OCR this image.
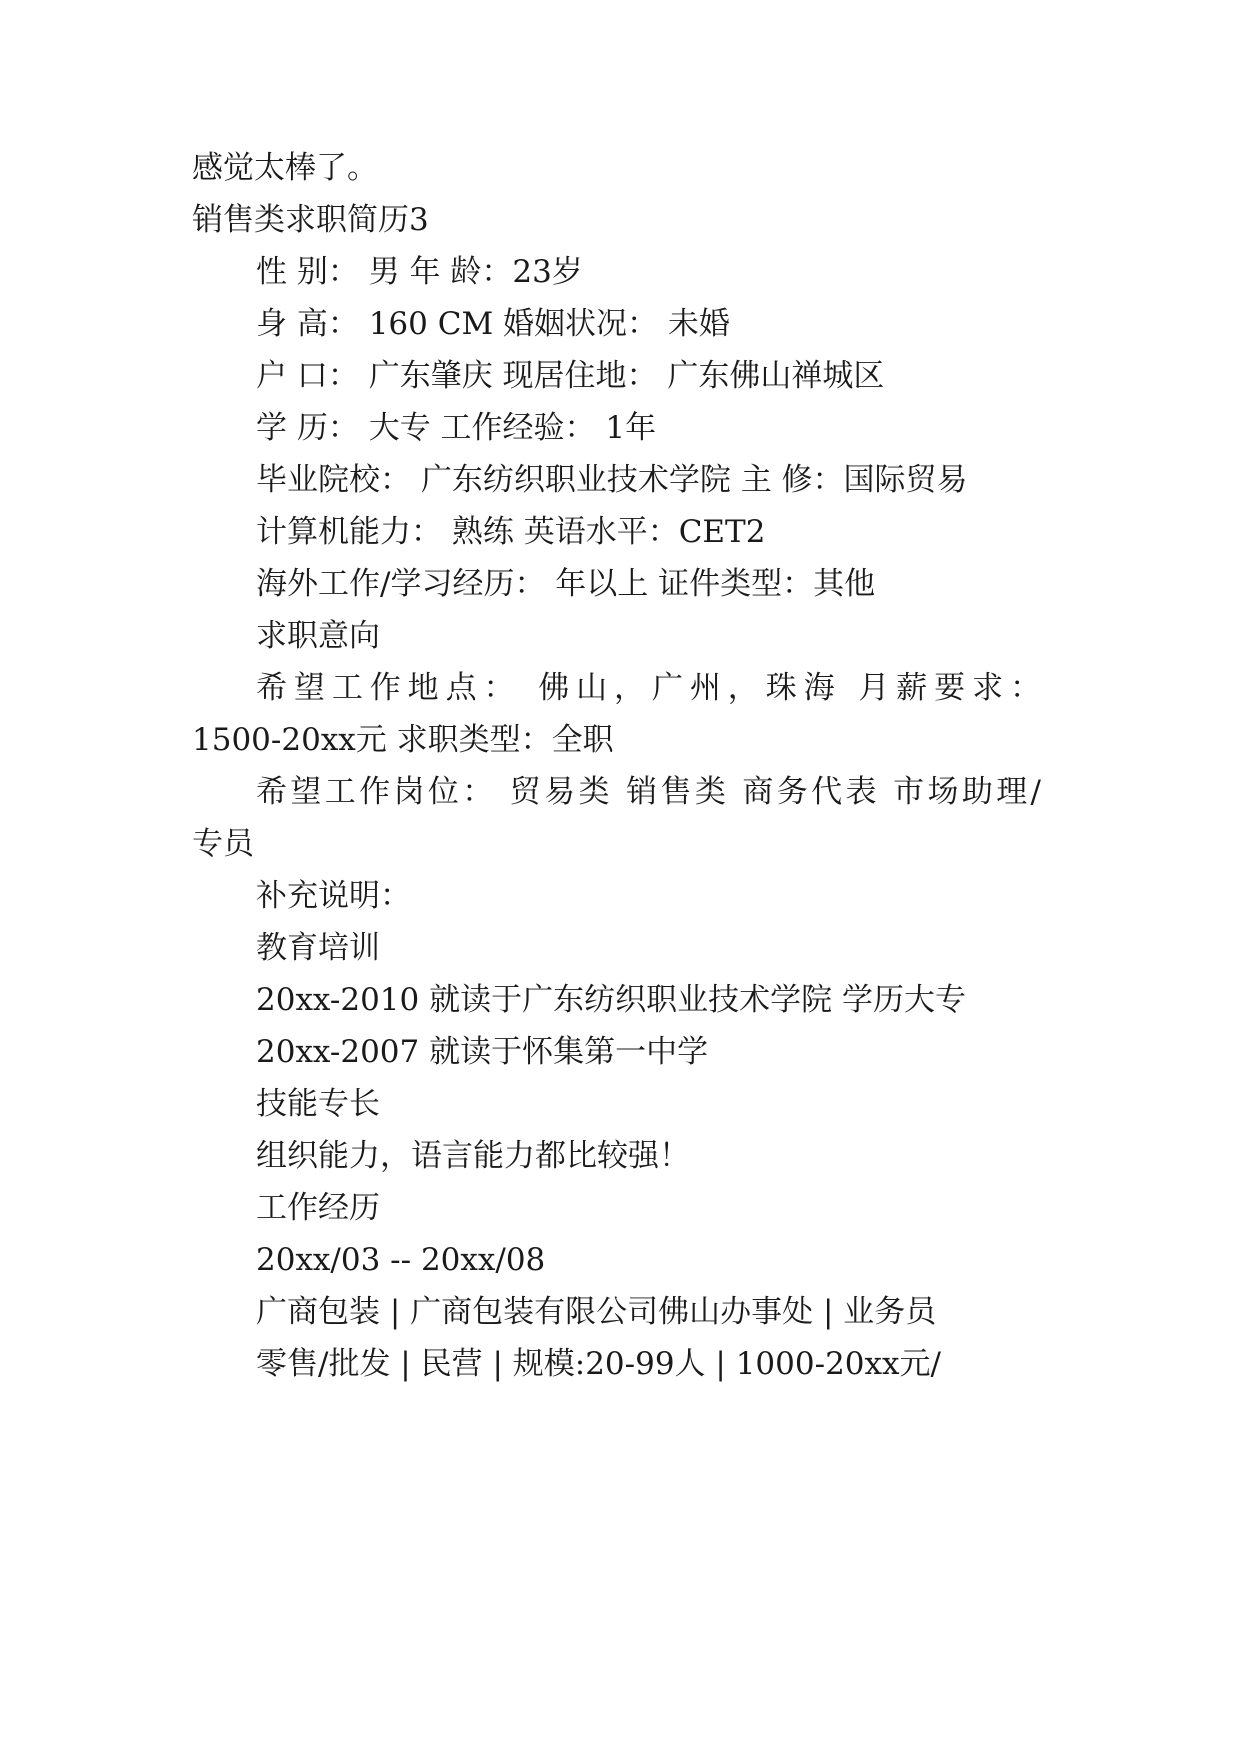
感觉太棒了。

销售类求职简历3

性 别： 男 年 龄：23岁

身 高： 160 CM 婚姻状况： 未婚

户 口： 广东肇庆 现居住地： 广东佛山禅城区

学 历： 大专 工作经验： 1年

毕业院校： 广东纺织职业技术学院 主 修：国际贸易

计算机能力： 熟练 英语水平：CET2

海外工作/学习经历： 年以上 证件类型：其他

求职意向

希望工作地点： 佛山，广州，珠海 月薪要求：

1500-20xx元 求职类型：全职

希望工作岗位： 贸易类 销售类 商务代表 市场助理/

专员

补充说明：

教育培训

20xx-2010 就读于广东纺织职业技术学院 学历大专

20xx-2007 就读于怀集第一中学

技能专长

组织能力，语言能力都比较强！

工作经历

20xx/03 -- 20xx/08

广商包装 | 广商包装有限公司佛山办事处 | 业务员

零售/批发 | 民营 | 规模:20-99人 | 1000-20xx元/
